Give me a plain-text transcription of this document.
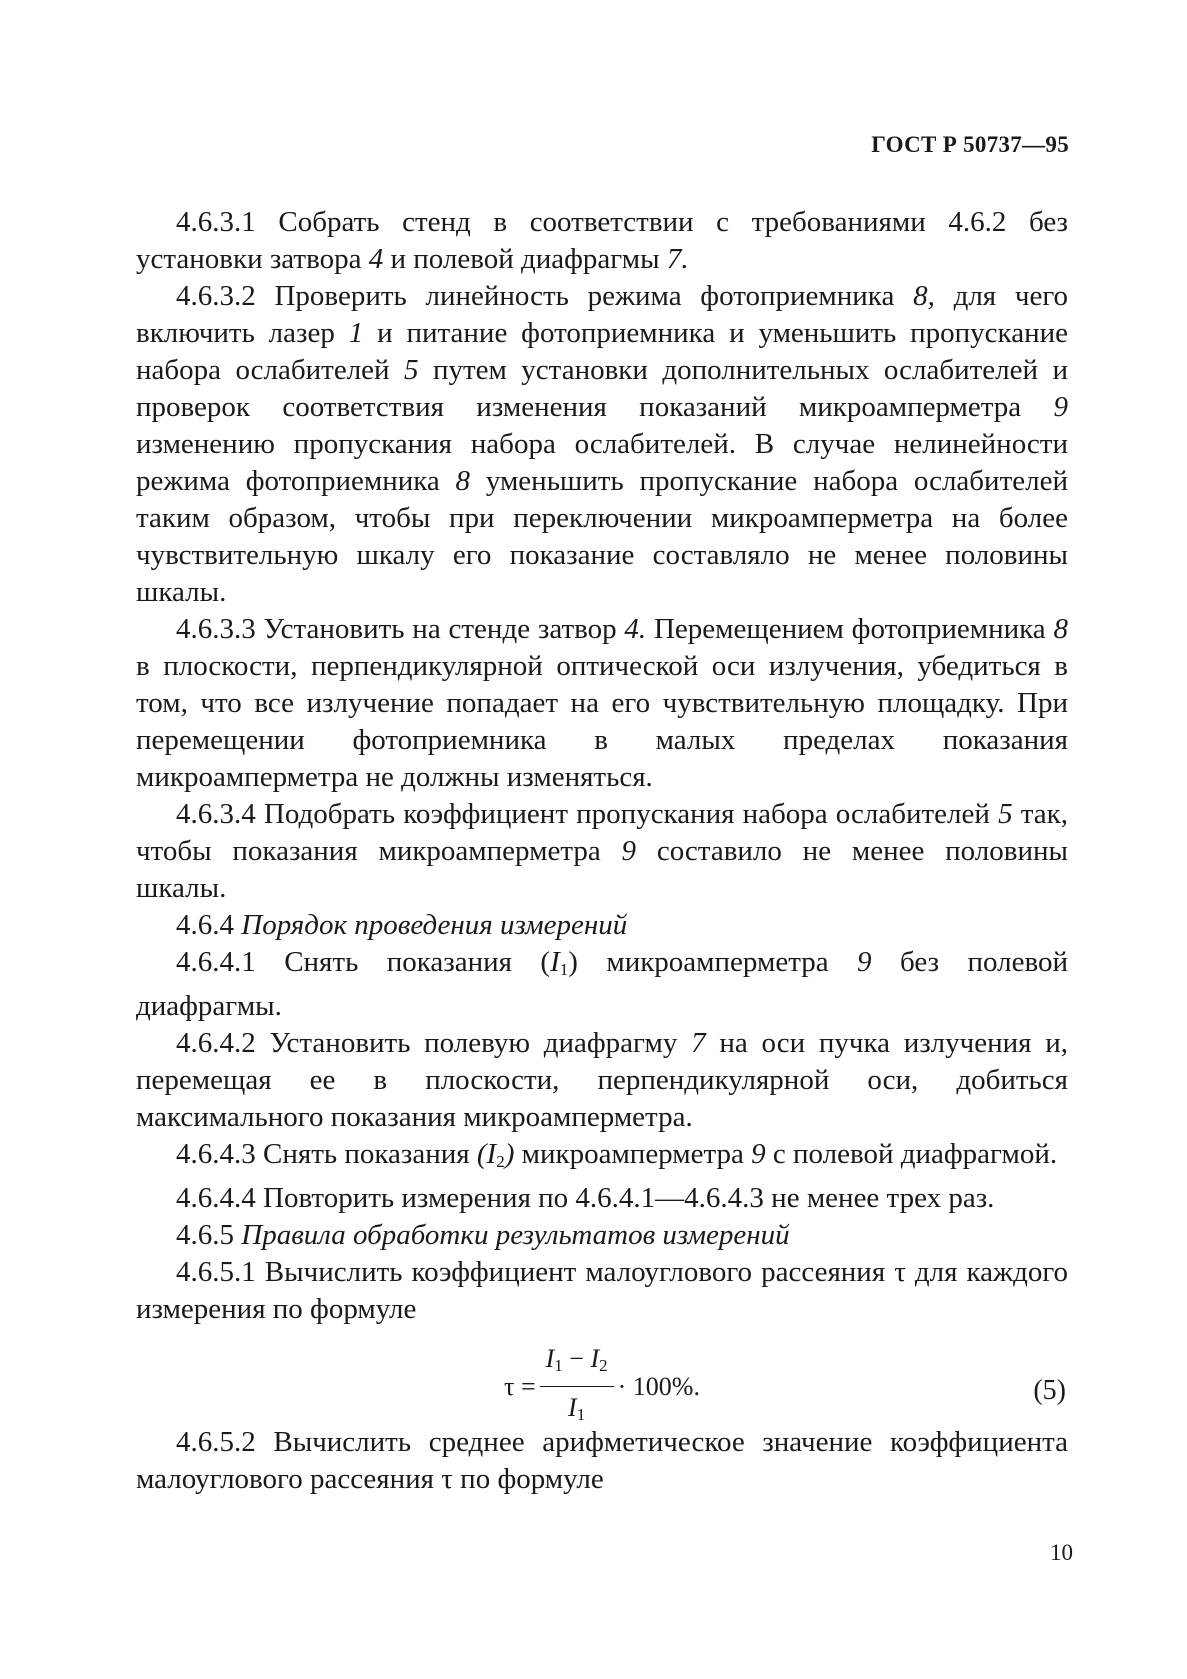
ГОСТ Р 50737—95

4.6.3.1 Собрать стенд в соответствии с требованиями 4.6.2 без установки затвора 4 и полевой диафрагмы 7.

4.6.3.2 Проверить линейность режима фотоприемника 8, для чего включить лазер 1 и питание фотоприемника и уменьшить пропускание набора ослабителей 5 путем установки дополнительных ослабителей и проверок соответствия изменения показаний микроамперметра 9 изменению пропускания набора ослабителей. В случае нелинейности режима фотоприемника 8 уменьшить пропускание набора ослабителей таким образом, чтобы при переключении микроамперметра на более чувствительную шкалу его показание составляло не менее половины шкалы.

4.6.3.3 Установить на стенде затвор 4. Перемещением фотоприемника 8 в плоскости, перпендикулярной оптической оси излучения, убедиться в том, что все излучение попадает на его чувствительную площадку. При перемещении фотоприемника в малых пределах показания микроамперметра не должны изменяться.

4.6.3.4 Подобрать коэффициент пропускания набора ослабителей 5 так, чтобы показания микроамперметра 9 составило не менее половины шкалы.

4.6.4 Порядок проведения измерений

4.6.4.1 Снять показания $(I_1)$ микроамперметра 9 без полевой диафрагмы.

4.6.4.2 Установить полевую диафрагму 7 на оси пучка излучения и, перемещая ее в плоскости, перпендикулярной оси, добиться максимального показания микроамперметра.

4.6.4.3 Снять показания $(I_2)$ микроамперметра 9 с полевой диафрагмой.

4.6.4.4 Повторить измерения по 4.6.4.1—4.6.4.3 не менее трех раз.

4.6.5 Правила обработки результатов измерений

4.6.5.1 Вычислить коэффициент малоуглового рассеяния τ для каждого измерения по формуле

$\tau = \frac{I_1 - I_2}{I_1} \cdot 100\%$.	(5)

4.6.5.2 Вычислить среднее арифметическое значение коэффициента малоуглового рассеяния τ по формуле

10
